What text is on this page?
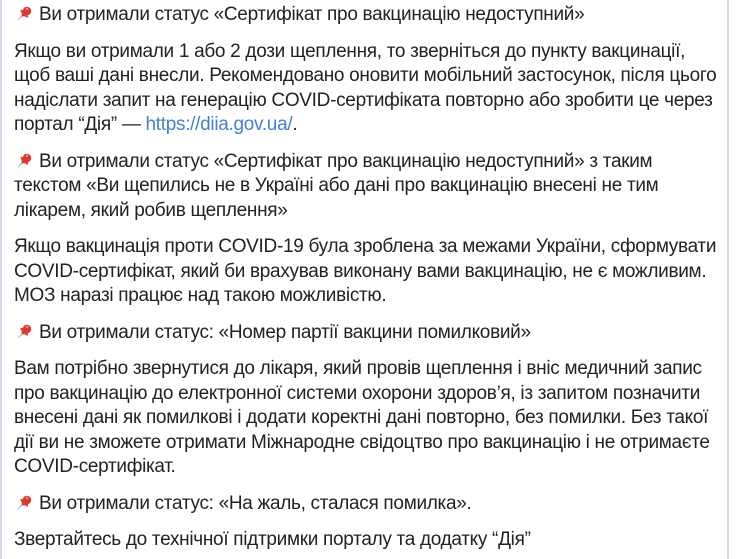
Ви отримали статус «Сертифікат про вакцинацію недоступний»

Якщо ви отримали 1 або 2 дози щеплення, то зверніться до пункту вакцинації, щоб ваші дані внесли. Рекомендовано оновити мобільний застосунок, після цього надіслати запит на генерацію COVID-сертифіката повторно або зробити це через портал “Дія” — https://diia.gov.ua/.

Ви отримали статус «Сертифікат про вакцинацію недоступний» з таким текстом «Ви щепились не в Україні або дані про вакцинацію внесені не тим лікарем, який робив щеплення»

Якщо вакцинація проти COVID-19 була зроблена за межами України, сформувати COVID-сертифікат, який би врахував виконану вами вакцинацію, не є можливим. МОЗ наразі працює над такою можливістю.

Ви отримали статус: «Номер партії вакцини помилковий»

Вам потрібно звернутися до лікаря, який провів щеплення і вніс медичний запис про вакцинацію до електронної системи охорони здоров’я, із запитом позначити внесені дані як помилкові і додати коректні дані повторно, без помилки. Без такої дії ви не зможете отримати Міжнародне свідоцтво про вакцинацію і не отримаєте COVID-сертифікат.

Ви отримали статус: «На жаль, сталася помилка».

Звертайтесь до технічної підтримки порталу та додатку “Дія”
